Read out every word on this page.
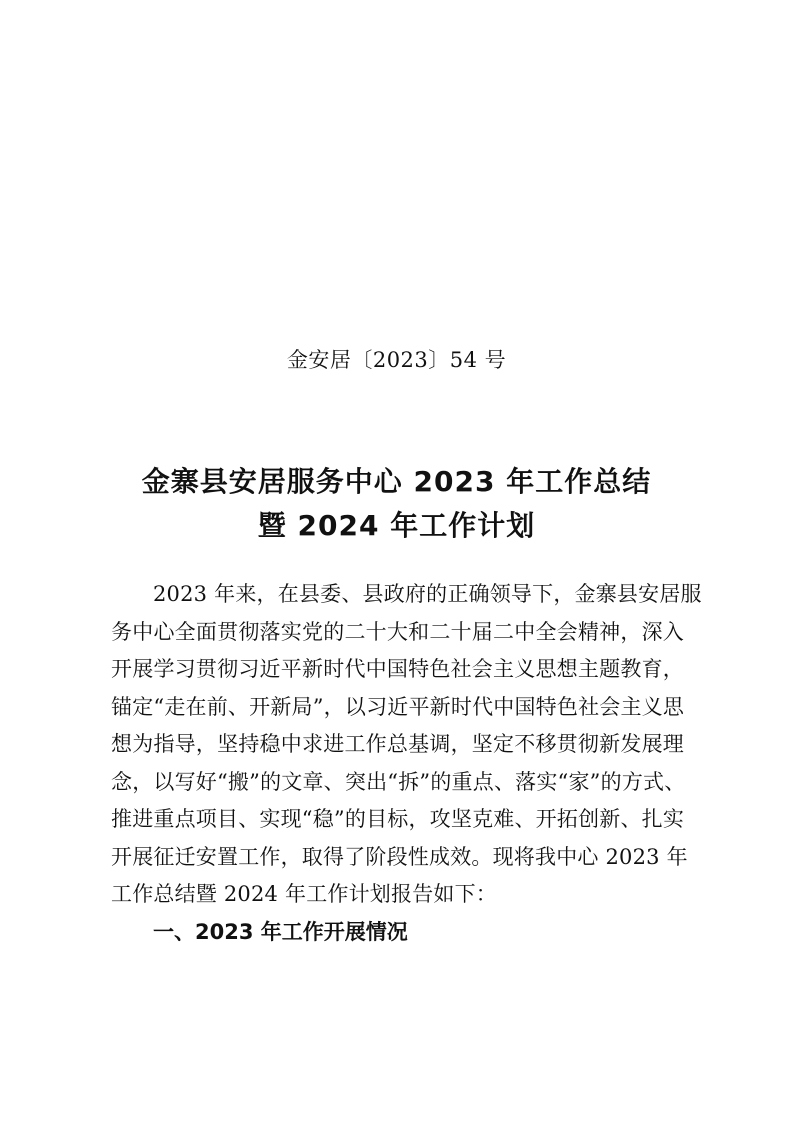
金安居〔2023〕54 号
金寨县安居服务中心 2023 年工作总结
暨 2024 年工作计划

2023 年来，在县委、县政府的正确领导下，金寨县安居服
务中心全面贯彻落实党的二十大和二十届二中全会精神，深入
开展学习贯彻习近平新时代中国特色社会主义思想主题教育，
锚定“走在前、开新局”，以习近平新时代中国特色社会主义思
想为指导，坚持稳中求进工作总基调，坚定不移贯彻新发展理
念，以写好“搬”的文章、突出“拆”的重点、落实“家”的方式、
推进重点项目、实现“稳”的目标，攻坚克难、开拓创新、扎实
开展征迁安置工作，取得了阶段性成效。现将我中心 2023 年
工作总结暨 2024 年工作计划报告如下：

一、2023 年工作开展情况
